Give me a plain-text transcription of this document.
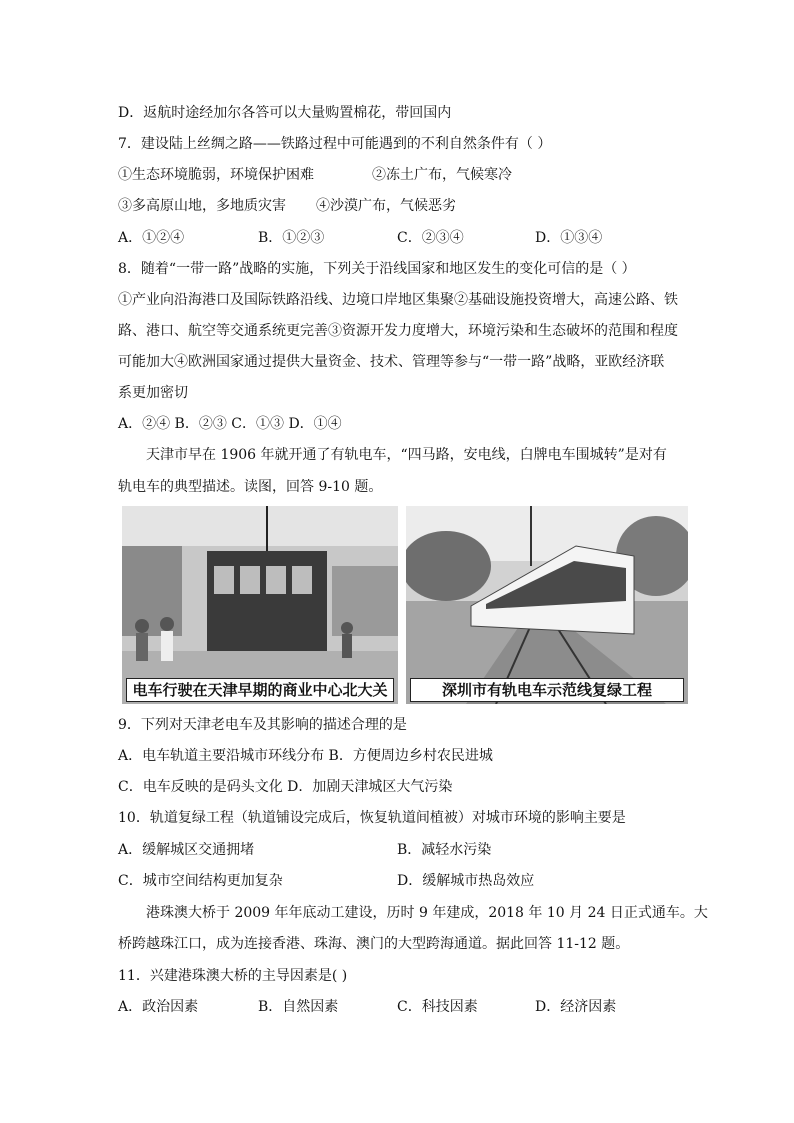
D．返航时途经加尔各答可以大量购置棉花，带回国内
7．建设陆上丝绸之路——铁路过程中可能遇到的不利自然条件有（ ）
①生态环境脆弱，环境保护困难	②冻土广布，气候寒冷
③多高原山地，多地质灾害 ④沙漠广布，气候恶劣
A．①②④	B．①②③	C．②③④	D．①③④
8．随着“一带一路”战略的实施，下列关于沿线国家和地区发生的变化可信的是（ ）
①产业向沿海港口及国际铁路沿线、边境口岸地区集聚②基础设施投资增大，高速公路、铁
路、港口、航空等交通系统更完善③资源开发力度增大，环境污染和生态破坏的范围和程度
可能加大④欧洲国家通过提供大量资金、技术、管理等参与“一带一路”战略，亚欧经济联
系更加密切
A．②④ B．②③ C．①③ D．①④
天津市早在 1906 年就开通了有轨电车，“四马路，安电线，白牌电车围城转”是对有
轨电车的典型描述。读图，回答 9-10 题。
电车行驶在天津早期的商业中心北大关	深圳市有轨电车示范线复绿工程
9．下列对天津老电车及其影响的描述合理的是
A．电车轨道主要沿城市环线分布 B．方便周边乡村农民进城
C．电车反映的是码头文化 D．加剧天津城区大气污染
10．轨道复绿工程（轨道铺设完成后，恢复轨道间植被）对城市环境的影响主要是
A．缓解城区交通拥堵	B．减轻水污染
C．城市空间结构更加复杂	D．缓解城市热岛效应
港珠澳大桥于 2009 年年底动工建设，历时 9 年建成，2018 年 10 月 24 日正式通车。大
桥跨越珠江口，成为连接香港、珠海、澳门的大型跨海通道。据此回答 11-12 题。
11．兴建港珠澳大桥的主导因素是( )
A．政治因素	B．自然因素	C．科技因素	D．经济因素
